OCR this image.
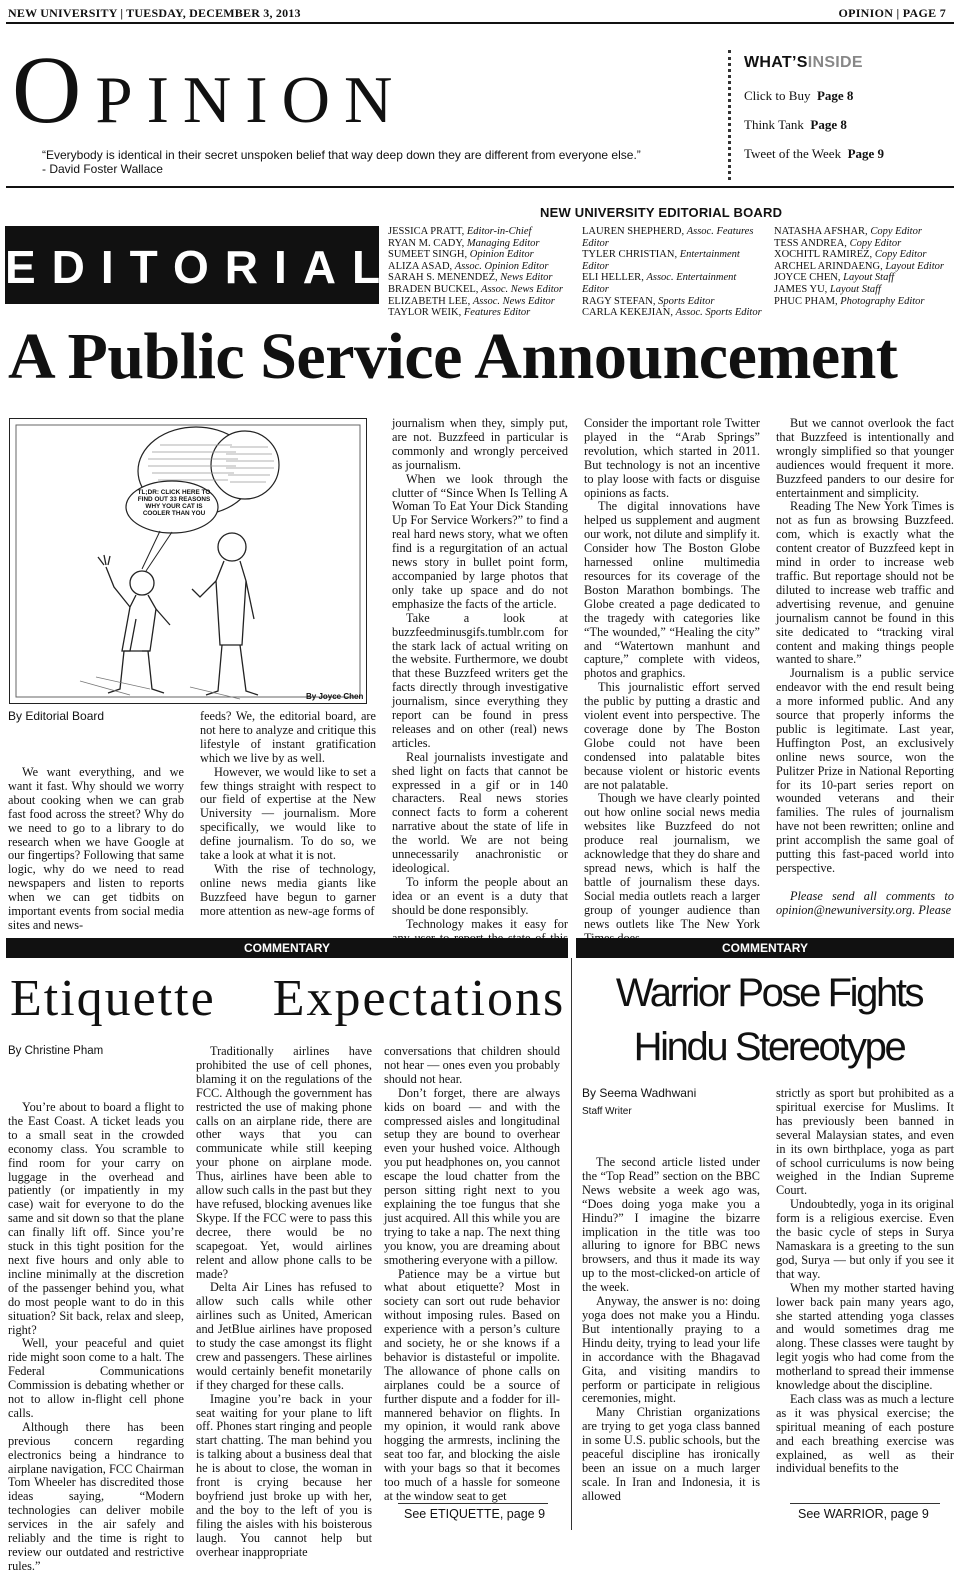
NEW UNIVERSITY | TUESDAY, DECEMBER 3, 2013	OPINION | PAGE 7
Opinion
“Everybody is identical in their secret unspoken belief that way deep down they are different from everyone else.”
- David Foster Wallace
WHAT’SINSIDE
Click to Buy Page 8
Think Tank Page 8
Tweet of the Week Page 9
EDITORIAL
NEW UNIVERSITY EDITORIAL BOARD
JESSICA PRATT, Editor-in-Chief
RYAN M. CADY, Managing Editor
SUMEET SINGH, Opinion Editor
ALIZA ASAD, Assoc. Opinion Editor
SARAH S. MENENDEZ, News Editor
BRADEN BUCKEL, Assoc. News Editor
ELIZABETH LEE, Assoc. News Editor
TAYLOR WEIK, Features Editor
LAUREN SHEPHERD, Assoc. Features Editor
TYLER CHRISTIAN, Entertainment Editor
ELI HELLER, Assoc. Entertainment Editor
RAGY STEFAN, Sports Editor
CARLA KEKEJIAN, Assoc. Sports Editor
NATASHA AFSHAR, Copy Editor
TESS ANDREA, Copy Editor
XOCHITL RAMIREZ, Copy Editor
ARCHEL ARINDAENG, Layout Editor
JOYCE CHEN, Layout Staff
JAMES YU, Layout Staff
PHUC PHAM, Photography Editor
A Public Service Announcement
TL;DR: CLICK HERE TO FIND OUT 33 REASONS WHY YOUR CAT IS COOLER THAN YOU
By Joyce Chen
By Editorial Board

We want everything, and we want it fast. Why should we worry about cooking when we can grab fast food across the street? Why do we need to go to a library to do research when we have Google at our fingertips? Following that same logic, why do we need to read newspapers and listen to reports when we can get tidbits on important events from social media sites and news-

feeds? We, the editorial board, are not here to analyze and critique this lifestyle of instant gratification which we live by as well.

However, we would like to set a few things straight with respect to our field of expertise at the New University — journalism. More specifically, we would like to define journalism. To do so, we take a look at what it is not.

With the rise of technology, online news media giants like Buzzfeed have begun to garner more attention as new-age forms of

journalism when they, simply put, are not. Buzzfeed in particular is commonly and wrongly perceived as journalism.

When we look through the clutter of “Since When Is Telling A Woman To Eat Your Dick Standing Up For Service Workers?” to find a real hard news story, what we often find is a regurgitation of an actual news story in bullet point form, accompanied by large photos that only take up space and do not emphasize the facts of the article.

Take a look at buzzfeedminusgifs.tumblr.com for the stark lack of actual writing on the website. Furthermore, we doubt that these Buzzfeed writers get the facts directly through investigative journalism, since everything they report can be found in press releases and on other (real) news articles.

Real journalists investigate and shed light on facts that cannot be expressed in a gif or in 140 characters. Real news stories connect facts to form a coherent narrative about the state of life in the world. We are not being unnecessarily anachronistic or ideological.

To inform the people about an idea or an event is a duty that should be done responsibly.

Technology makes it easy for

Consider the important role Twitter played in the “Arab Springs” revolution, which started in 2011. But technology is not an incentive to play loose with facts or disguise opinions as facts.

The digital innovations have helped us supplement and augment our work, not dilute and simplify it. Consider how The Boston Globe harnessed online multimedia resources for its coverage of the Boston Marathon bombings. The Globe created a page dedicated to the tragedy with categories like “The wounded,” “Healing the city” and “Watertown manhunt and capture,” complete with videos, photos and graphics.

This journalistic effort served the public by putting a drastic and violent event into perspective. The coverage done by The Boston Globe could not have been condensed into palatable bites because violent or historic events are not palatable.

Though we have clearly pointed out how online social news media websites like Buzzfeed do not produce real journalism, we acknowledge that they do share and spread news, which is half the battle of journalism these days. Social media outlets reach a larger group of younger audience than news outlets like The New York

But we cannot overlook the fact that Buzzfeed is intentionally and wrongly simplified so that younger audiences would frequent it more. Buzzfeed panders to our desire for entertainment and simplicity.

Reading The New York Times is not as fun as browsing Buzzfeed. com, which is exactly what the content creator of Buzzfeed kept in mind in order to increase web traffic. But reportage should not be diluted to increase web traffic and advertising revenue, and genuine journalism cannot be found in this site dedicated to “tracking viral content and making things people wanted to share.”

Journalism is a public service endeavor with the end result being a more informed public. And any source that properly informs the public is legitimate. Last year, Huffington Post, an exclusively online news source, won the Pulitzer Prize in National Reporting for its 10-part series report on wounded veterans and their families. The rules of journalism have not been rewritten; online and print accomplish the same goal of putting this fast-paced world into perspective.

Please send all comments to opinion@newuniversity.org. Please

COMMENTARY	COMMENTARY
Etiquette Expectations
By Christine Pham

You’re about to board a flight to the East Coast. A ticket leads you to a small seat in the crowded economy class. You scramble to find room for your carry on luggage in the overhead and patiently (or impatiently in my case) wait for everyone to do the same and sit down so that the plane can finally lift off. Since you’re stuck in this tight position for the next five hours and only able to incline minimally at the discretion of the passenger behind you, what do most people want to do in this situation? Sit back, relax and sleep, right?

Well, your peaceful and quiet ride might soon come to a halt. The Federal Communications Commission is debating whether or not to allow in-flight cell phone calls.

Although there has been previous concern regarding electronics being a hindrance to airplane navigation, FCC Chairman Tom Wheeler has discredited those ideas saying, “Modern technologies can deliver mobile services in the air safely and reliably and the time is right to review our outdated and restrictive rules.”

Traditionally airlines have prohibited the use of cell phones, blaming it on the regulations of the FCC. Although the government has restricted the use of making phone calls on an airplane ride, there are other ways that you can communicate while still keeping your phone on airplane mode. Thus, airlines have been able to allow such calls in the past but they have refused, blocking avenues like Skype. If the FCC were to pass this decree, there would be no scapegoat. Yet, would airlines relent and allow phone calls to be made?

Delta Air Lines has refused to allow such calls while other airlines such as United, American and JetBlue airlines have proposed to study the case amongst its flight crew and passengers. These airlines would certainly benefit monetarily if they charged for these calls.

Imagine you’re back in your seat waiting for your plane to lift off. Phones start ringing and people start chatting. The man behind you is talking about a business deal that he is about to close, the woman in front is crying because her boyfriend just broke up with her, and the boy to the left of you is filing the aisles with his boisterous laugh. You cannot help but overhear inappropriate

conversations that children should not hear — ones even you probably should not hear.

Don’t forget, there are always kids on board — and with the compressed aisles and longitudinal setup they are bound to overhear even your hushed voice. Although you put headphones on, you cannot escape the loud chatter from the person sitting right next to you explaining the toe fungus that she just acquired. All this while you are trying to take a nap. The next thing you know, you are dreaming about smothering everyone with a pillow.

Patience may be a virtue but what about etiquette? Most in society can sort out rude behavior without imposing rules. Based on experience with a person’s culture and society, he or she knows if a behavior is distasteful or impolite. The allowance of phone calls on airplanes could be a source of further dispute and a fodder for ill-mannered behavior on flights. In my opinion, it would rank above hogging the armrests, inclining the seat too far, and blocking the aisle with your bags so that it becomes too much of a hassle for someone at the window seat to get

See ETIQUETTE, page 9
Warrior Pose Fights
Hindu Stereotype
By Seema Wadhwani
Staff Writer

The second article listed under the “Top Read” section on the BBC News website a week ago was, “Does doing yoga make you a Hindu?” I imagine the bizarre implication in the title was too alluring to ignore for BBC news browsers, and thus it made its way up to the most-clicked-on article of the week.

Anyway, the answer is no: doing yoga does not make you a Hindu. But intentionally praying to a Hindu deity, trying to lead your life in accordance with the Bhagavad Gita, and visiting mandirs to perform or participate in religious ceremonies, might.

Many Christian organizations are trying to get yoga class banned in some U.S. public schools, but the peaceful discipline has ironically been an issue on a much larger scale. In Iran and Indonesia, it is allowed

strictly as sport but prohibited as a spiritual exercise for Muslims. It has previously been banned in several Malaysian states, and even in its own birthplace, yoga as part of school curriculums is now being weighed in the Indian Supreme Court.

Undoubtedly, yoga in its original form is a religious exercise. Even the basic cycle of steps in Surya Namaskara is a greeting to the sun god, Surya — but only if you see it that way.

When my mother started having lower back pain many years ago, she started attending yoga classes and would sometimes drag me along. These classes were taught by legit yogis who had come from the motherland to spread their immense knowledge about the discipline.

Each class was as much a lecture as it was physical exercise; the spiritual meaning of each posture and each breathing exercise was explained, as well as their individual benefits to the

See WARRIOR, page 9
